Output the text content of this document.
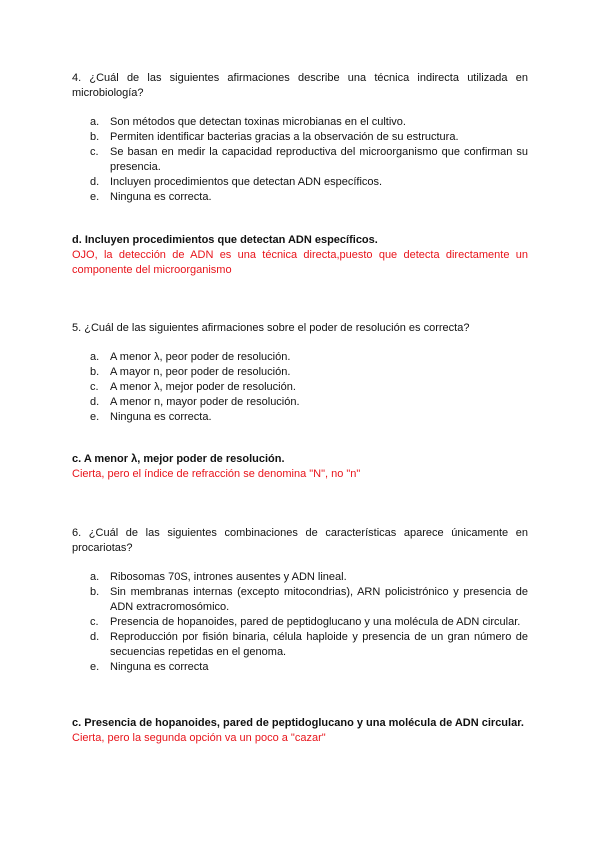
4. ¿Cuál de las siguientes afirmaciones describe una técnica indirecta utilizada en microbiología?

a. Son métodos que detectan toxinas microbianas en el cultivo.
b. Permiten identificar bacterias gracias a la observación de su estructura.
c.	Se basan en medir la capacidad reproductiva del microorganismo que confirman su presencia.
d. Incluyen procedimientos que detectan ADN específicos.
e. Ninguna es correcta.

d. Incluyen procedimientos que detectan ADN específicos.

OJO, la detección de ADN es una técnica directa,puesto que detecta directamente un componente del microorganismo

5. ¿Cuál de las siguientes afirmaciones sobre el poder de resolución es correcta?

a. A menor λ, peor poder de resolución.
b. A mayor n, peor poder de resolución.
c.	A menor λ, mejor poder de resolución.
d. A menor n, mayor poder de resolución.
e. Ninguna es correcta.

c. A menor λ, mejor poder de resolución.

Cierta, pero el índice de refracción se denomina "N", no "n"

6. ¿Cuál de las siguientes combinaciones de características aparece únicamente en procariotas?

a. Ribosomas 70S, intrones ausentes y ADN lineal.
b. Sin membranas internas (excepto mitocondrias), ARN policistrónico y presencia de ADN extracromosómico.
c.	Presencia de hopanoides, pared de peptidoglucano y una molécula de ADN circular.
d. Reproducción por fisión binaria, célula haploide y presencia de un gran número de secuencias repetidas en el genoma.
e. Ninguna es correcta

c. Presencia de hopanoides, pared de peptidoglucano y una molécula de ADN circular.

Cierta, pero la segunda opción va un poco a "cazar"
